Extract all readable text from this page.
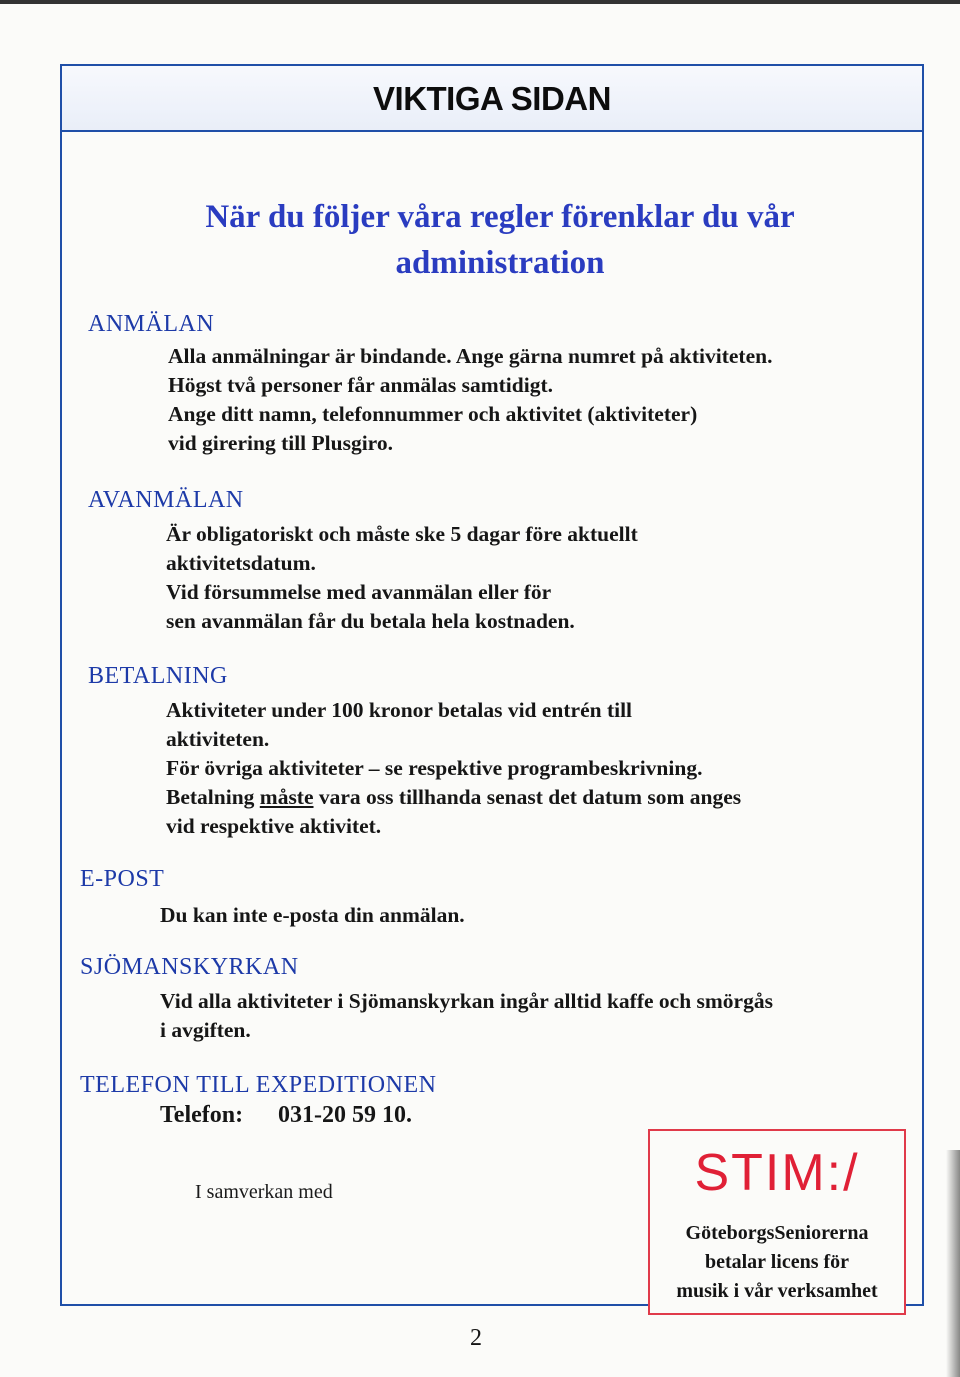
VIKTIGA SIDAN
När du följer våra regler förenklar du vår
administration
ANMÄLAN
Alla anmälningar är bindande. Ange gärna numret på aktiviteten.
Högst två personer får anmälas samtidigt.
Ange ditt namn, telefonnummer och aktivitet (aktiviteter)
vid girering till Plusgiro.
AVANMÄLAN
Är obligatoriskt och måste ske 5 dagar före aktuellt
aktivitetsdatum.
Vid försummelse med avanmälan eller för
sen avanmälan får du betala hela kostnaden.
BETALNING
Aktiviteter under 100 kronor betalas vid entrén till
aktiviteten.
För övriga aktiviteter – se respektive programbeskrivning.
Betalning måste vara oss tillhanda senast det datum som anges
vid respektive aktivitet.
E-POST
Du kan inte e-posta din anmälan.
SJÖMANSKYRKAN
Vid alla aktiviteter i Sjömanskyrkan ingår alltid kaffe och smörgås
i avgiften.
TELEFON TILL EXPEDITIONEN
Telefon: 031-20 59 10.
I samverkan med	STIM:/
GöteborgsSeniorerna
betalar licens för
musik i vår verksamhet
2
